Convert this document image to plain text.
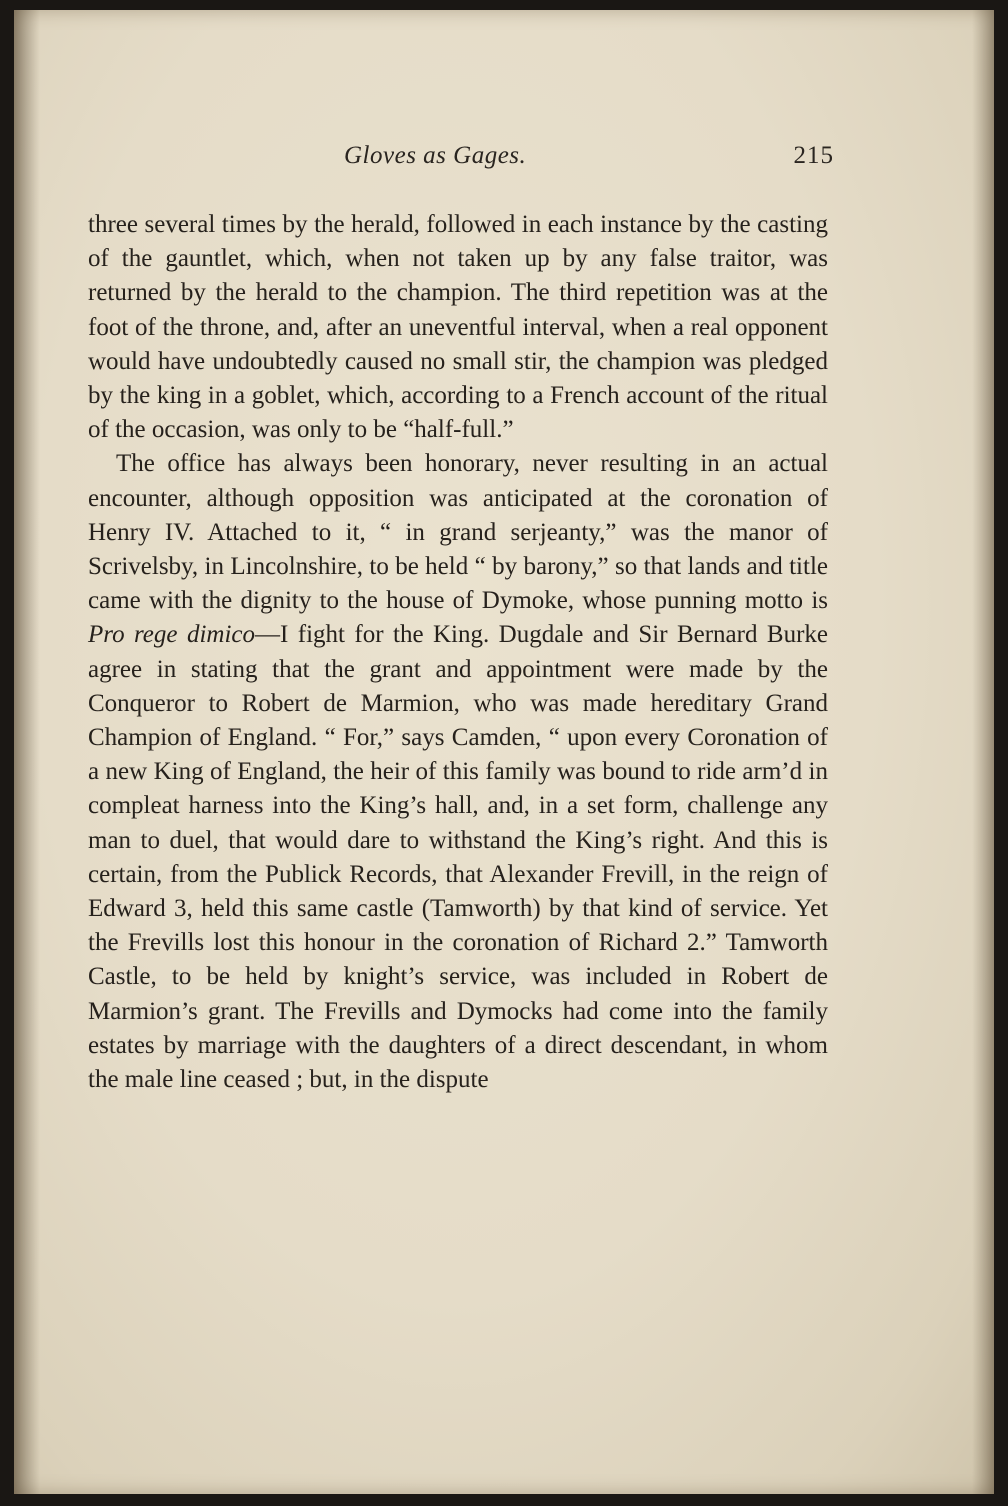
Gloves as Gages.	215

three several times by the herald, followed in each instance by the casting of the gauntlet, which, when not taken up by any false traitor, was returned by the herald to the champion. The third repetition was at the foot of the throne, and, after an uneventful interval, when a real opponent would have undoubtedly caused no small stir, the champion was pledged by the king in a goblet, which, according to a French account of the ritual of the occasion, was only to be “half-full.”

The office has always been honorary, never resulting in an actual encounter, although opposition was anticipated at the coronation of Henry IV. Attached to it, “ in grand serjeanty,” was the manor of Scrivelsby, in Lincolnshire, to be held “ by barony,” so that lands and title came with the dignity to the house of Dymoke, whose punning motto is Pro rege dimico—I fight for the King. Dugdale and Sir Bernard Burke agree in stating that the grant and appointment were made by the Conqueror to Robert de Marmion, who was made hereditary Grand Champion of England. “ For,” says Camden, “ upon every Coronation of a new King of England, the heir of this family was bound to ride arm’d in compleat harness into the King’s hall, and, in a set form, challenge any man to duel, that would dare to withstand the King’s right. And this is certain, from the Publick Records, that Alexander Frevill, in the reign of Edward 3, held this same castle (Tamworth) by that kind of service. Yet the Frevills lost this honour in the coronation of Richard 2.” Tamworth Castle, to be held by knight’s service, was included in Robert de Marmion’s grant. The Frevills and Dymocks had come into the family estates by marriage with the daughters of a direct descendant, in whom the male line ceased ; but, in the dispute
